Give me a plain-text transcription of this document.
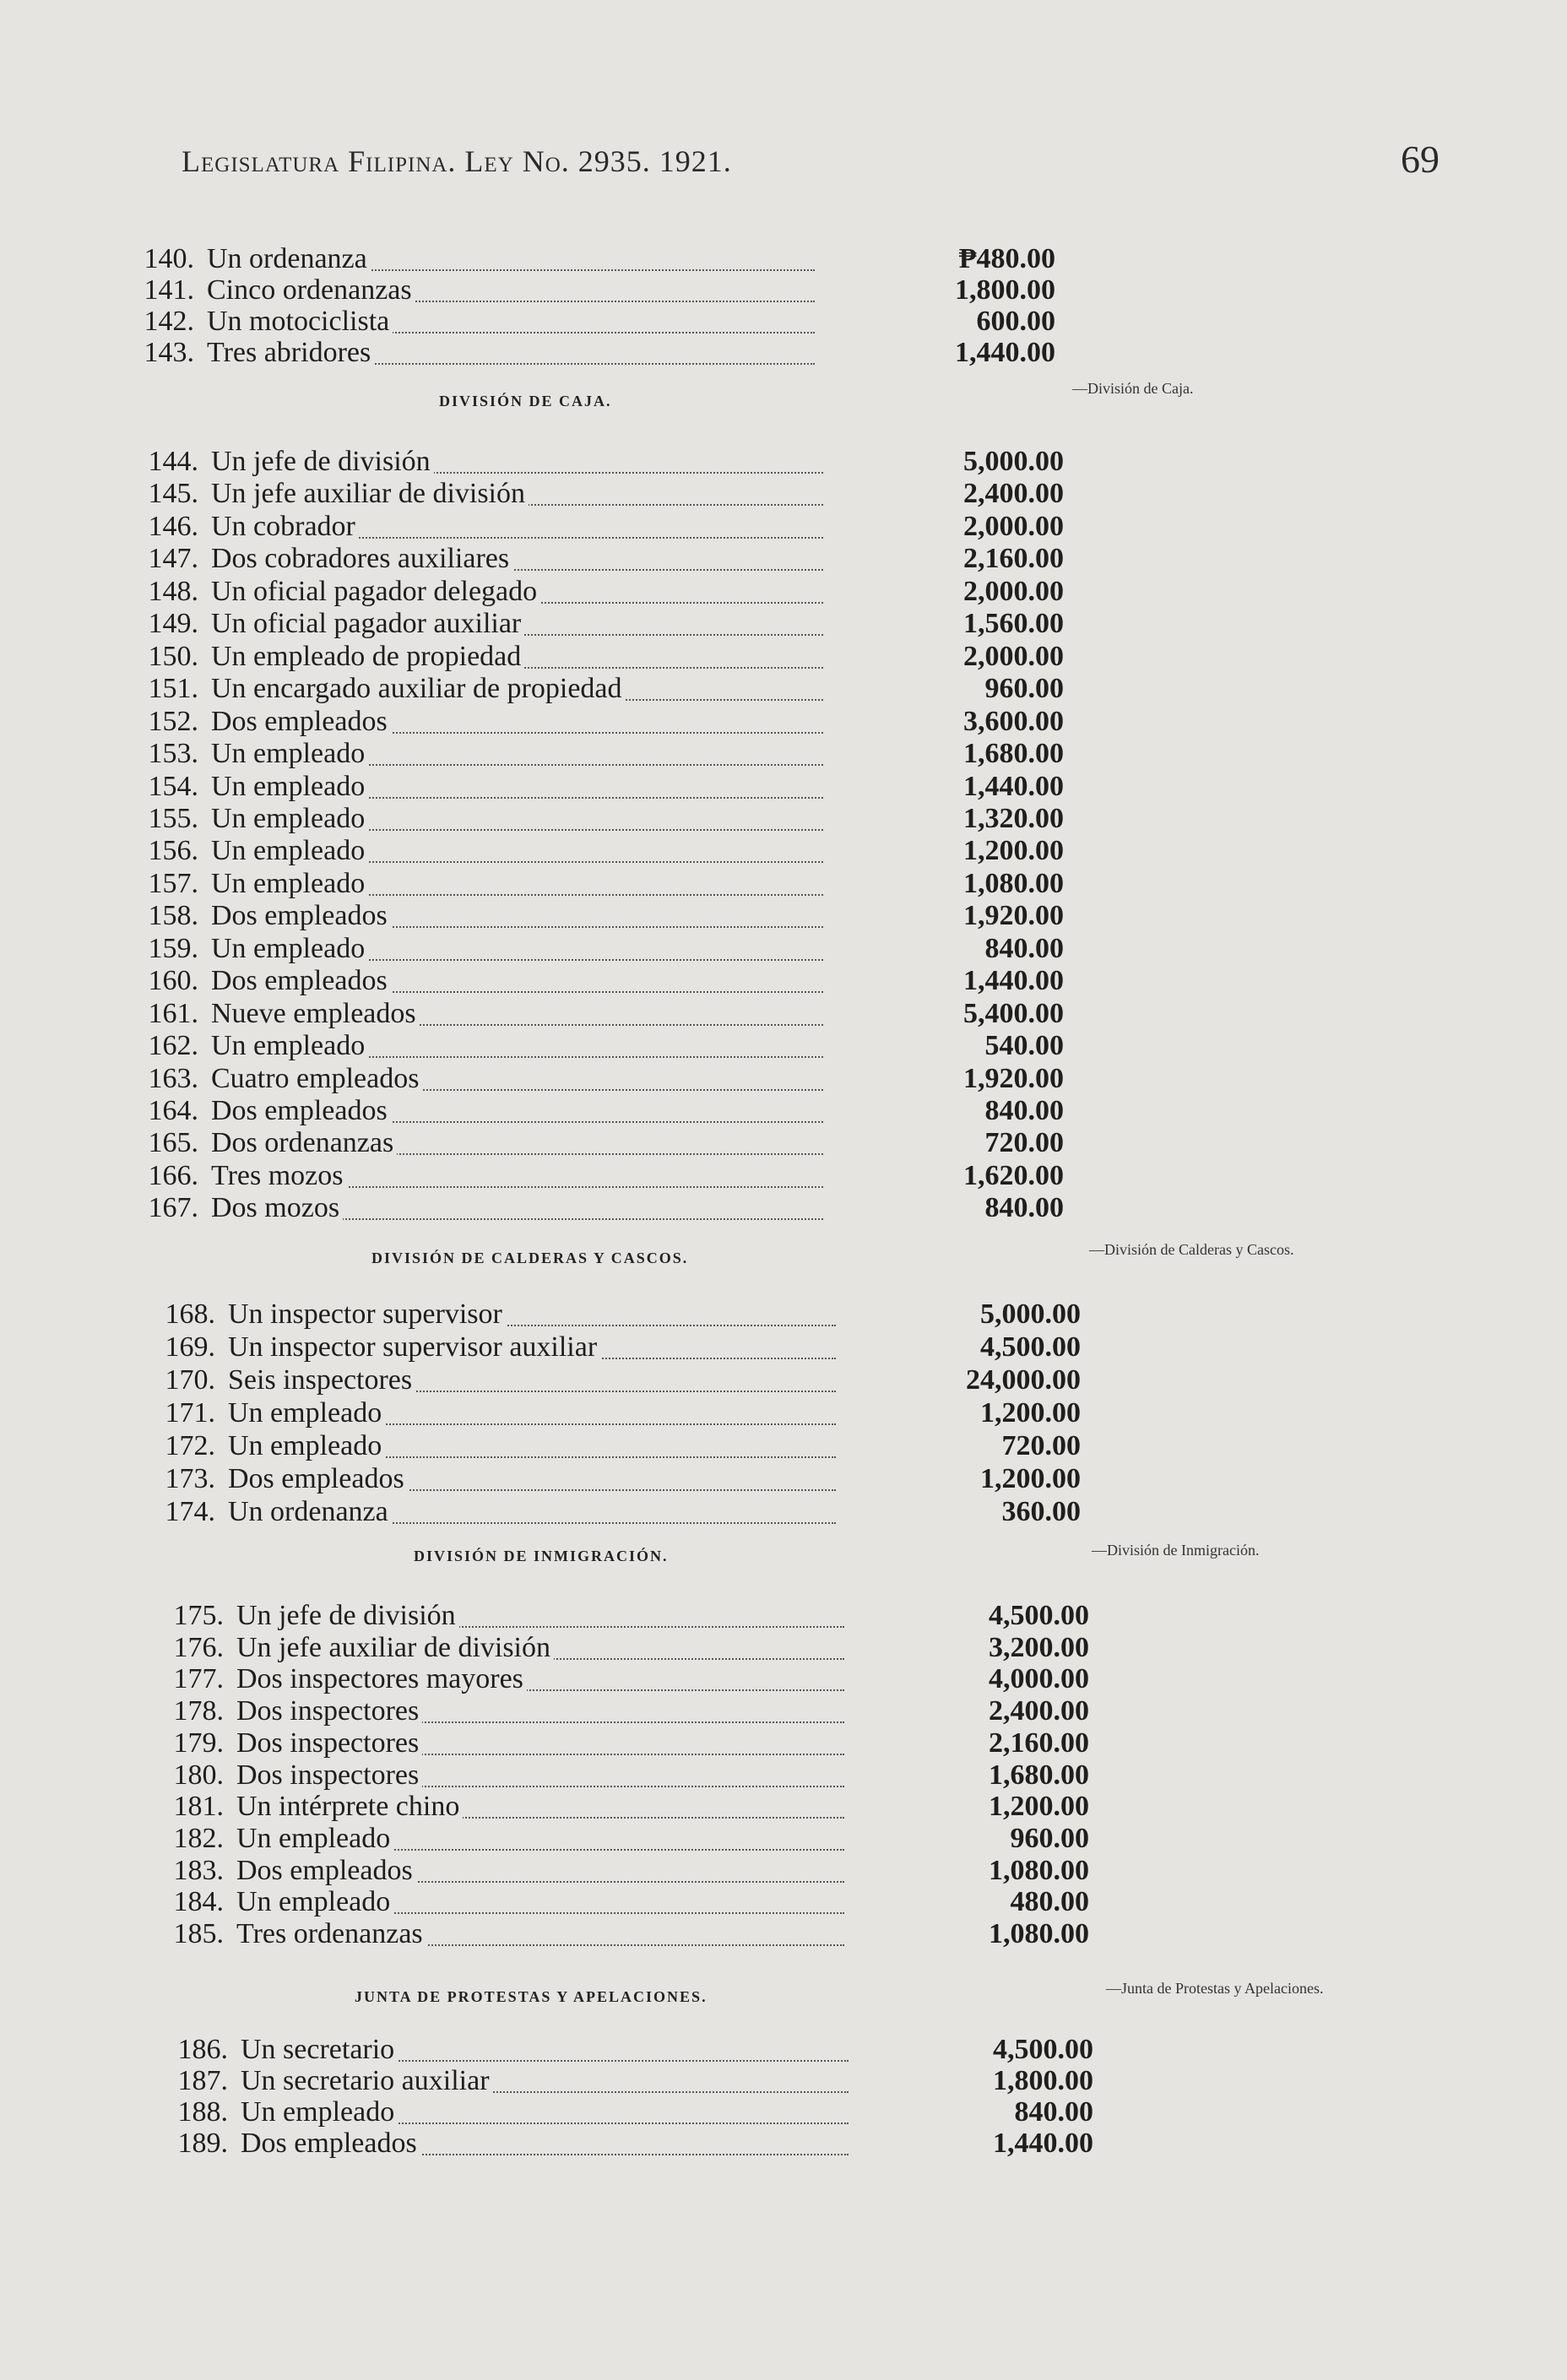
Legislatura Filipina. Ley No. 2935. 1921.	69
140. Un ordenanza	₱480.00
141. Cinco ordenanzas	1,800.00
142. Un motociclista	600.00
143. Tres abridores	1,440.00
DIVISIÓN DE CAJA.
—División de Caja.
144. Un jefe de división	5,000.00
145. Un jefe auxiliar de división	2,400.00
146. Un cobrador	2,000.00
147. Dos cobradores auxiliares	2,160.00
148. Un oficial pagador delegado	2,000.00
149. Un oficial pagador auxiliar	1,560.00
150. Un empleado de propiedad	2,000.00
151. Un encargado auxiliar de propiedad	960.00
152. Dos empleados	3,600.00
153. Un empleado	1,680.00
154. Un empleado	1,440.00
155. Un empleado	1,320.00
156. Un empleado	1,200.00
157. Un empleado	1,080.00
158. Dos empleados	1,920.00
159. Un empleado	840.00
160. Dos empleados	1,440.00
161. Nueve empleados	5,400.00
162. Un empleado	540.00
163. Cuatro empleados	1,920.00
164. Dos empleados	840.00
165. Dos ordenanzas	720.00
166. Tres mozos	1,620.00
167. Dos mozos	840.00
DIVISIÓN DE CALDERAS Y CASCOS.	—División de Calderas y Cascos.
168. Un inspector supervisor	5,000.00
169. Un inspector supervisor auxiliar	4,500.00
170. Seis inspectores	24,000.00
171. Un empleado	1,200.00
172. Un empleado	720.00
173. Dos empleados	1,200.00
174. Un ordenanza	360.00
DIVISIÓN DE INMIGRACIÓN.	—División de Inmigración.
175. Un jefe de división	4,500.00
176. Un jefe auxiliar de división	3,200.00
177. Dos inspectores mayores	4,000.00
178. Dos inspectores	2,400.00
179. Dos inspectores	2,160.00
180. Dos inspectores	1,680.00
181. Un intérprete chino	1,200.00
182. Un empleado	960.00
183. Dos empleados	1,080.00
184. Un empleado	480.00
185. Tres ordenanzas	1,080.00
JUNTA DE PROTESTAS Y APELACIONES.	—Junta de Protestas y Apelaciones.
186. Un secretario	4,500.00
187. Un secretario auxiliar	1,800.00
188. Un empleado	840.00
189. Dos empleados	1,440.00
